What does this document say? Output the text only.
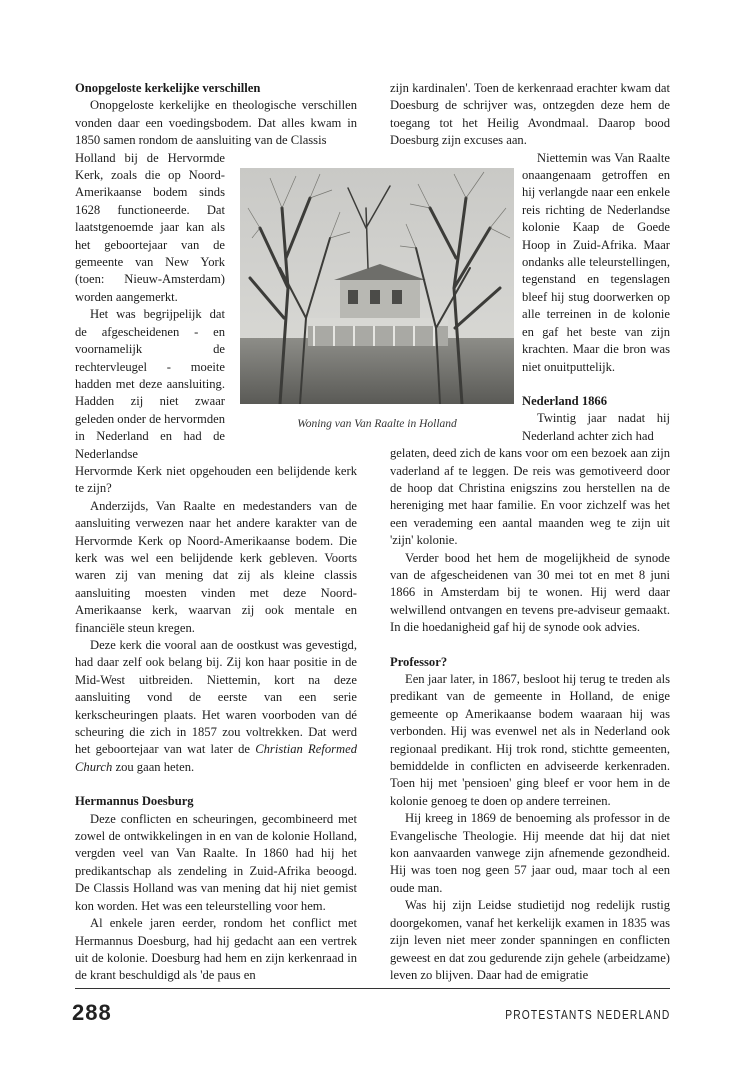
Onopgeloste kerkelijke verschillen

Onopgeloste kerkelijke en theologische verschillen vonden daar een voedingsbodem. Dat alles kwam in 1850 samen rondom de aansluiting van de Classis

Holland bij de Hervormde Kerk, zoals die op Noord-Amerikaanse bodem sinds 1628 functioneerde. Dat laatstgenoemde jaar kan als het geboortejaar van de gemeente van New York (toen: Nieuw-Amsterdam) worden aangemerkt.

Het was begrijpelijk dat de afgescheidenen - en voornamelijk de rechtervleugel - moeite hadden met deze aansluiting. Hadden zij niet zwaar geleden onder de hervormden in Nederland en had de Nederlandse

Hervormde Kerk niet opgehouden een belijdende kerk te zijn?

Anderzijds, Van Raalte en medestanders van de aansluiting verwezen naar het andere karakter van de Hervormde Kerk op Noord-Amerikaanse bodem. Die kerk was wel een belijdende kerk gebleven. Voorts waren zij van mening dat zij als kleine classis aansluiting moesten vinden met deze Noord-Amerikaanse kerk, waarvan zij ook mentale en financiële steun kregen.

Deze kerk die vooral aan de oostkust was gevestigd, had daar zelf ook belang bij. Zij kon haar positie in de Mid-West uitbreiden. Niettemin, kort na deze aansluiting vond de eerste van een serie kerkscheuringen plaats. Het waren voorboden van dé scheuring die zich in 1857 zou voltrekken. Dat werd het geboortejaar van wat later de Christian Reformed Church zou gaan heten.

Hermannus Doesburg

Deze conflicten en scheuringen, gecombineerd met zowel de ontwikkelingen in en van de kolonie Holland, vergden veel van Van Raalte. In 1860 had hij het predikantschap als zendeling in Zuid-Afrika beoogd. De Classis Holland was van mening dat hij niet gemist kon worden. Het was een teleurstelling voor hem.

Al enkele jaren eerder, rondom het conflict met Hermannus Doesburg, had hij gedacht aan een vertrek uit de kolonie. Doesburg had hem en zijn kerkenraad in de krant beschuldigd als 'de paus en

Woning van Van Raalte in Holland

zijn kardinalen'. Toen de kerkenraad erachter kwam dat Doesburg de schrijver was, ontzegden deze hem de toegang tot het Heilig Avondmaal. Daarop bood Doesburg zijn excuses aan.

Niettemin was Van Raalte onaangenaam getroffen en hij verlangde naar een enkele reis richting de Nederlandse kolonie Kaap de Goede Hoop in Zuid-Afrika. Maar ondanks alle teleurstellingen, tegenstand en tegenslagen bleef hij stug doorwerken op alle terreinen in de kolonie en gaf het beste van zijn krachten. Maar die bron was niet onuitputtelijk.

Nederland 1866

Twintig jaar nadat hij Nederland achter zich had

gelaten, deed zich de kans voor om een bezoek aan zijn vaderland af te leggen. De reis was gemotiveerd door de hoop dat Christina enigszins zou herstellen na de hereniging met haar familie. En voor zichzelf was het een verademing een aantal maanden weg te zijn uit 'zijn' kolonie.

Verder bood het hem de mogelijkheid de synode van de afgescheidenen van 30 mei tot en met 8 juni 1866 in Amsterdam bij te wonen. Hij werd daar welwillend ontvangen en tevens pre-adviseur gemaakt. In die hoedanigheid gaf hij de synode ook advies.

Professor?

Een jaar later, in 1867, besloot hij terug te treden als predikant van de gemeente in Holland, de enige gemeente op Amerikaanse bodem waaraan hij was verbonden. Hij was evenwel net als in Nederland ook regionaal predikant. Hij trok rond, stichtte gemeenten, bemiddelde in conflicten en adviseerde kerkenraden. Toen hij met 'pensioen' ging bleef er voor hem in de kolonie genoeg te doen op andere terreinen.

Hij kreeg in 1869 de benoeming als professor in de Evangelische Theologie. Hij meende dat hij dat niet kon aanvaarden vanwege zijn afnemende gezondheid. Hij was toen nog geen 57 jaar oud, maar toch al een oude man.

Was hij zijn Leidse studietijd nog redelijk rustig doorgekomen, vanaf het kerkelijk examen in 1835 was zijn leven niet meer zonder spanningen en conflicten geweest en dat zou gedurende zijn gehele (arbeidzame) leven zo blijven. Daar had de emigratie

288	PROTESTANTS NEDERLAND
